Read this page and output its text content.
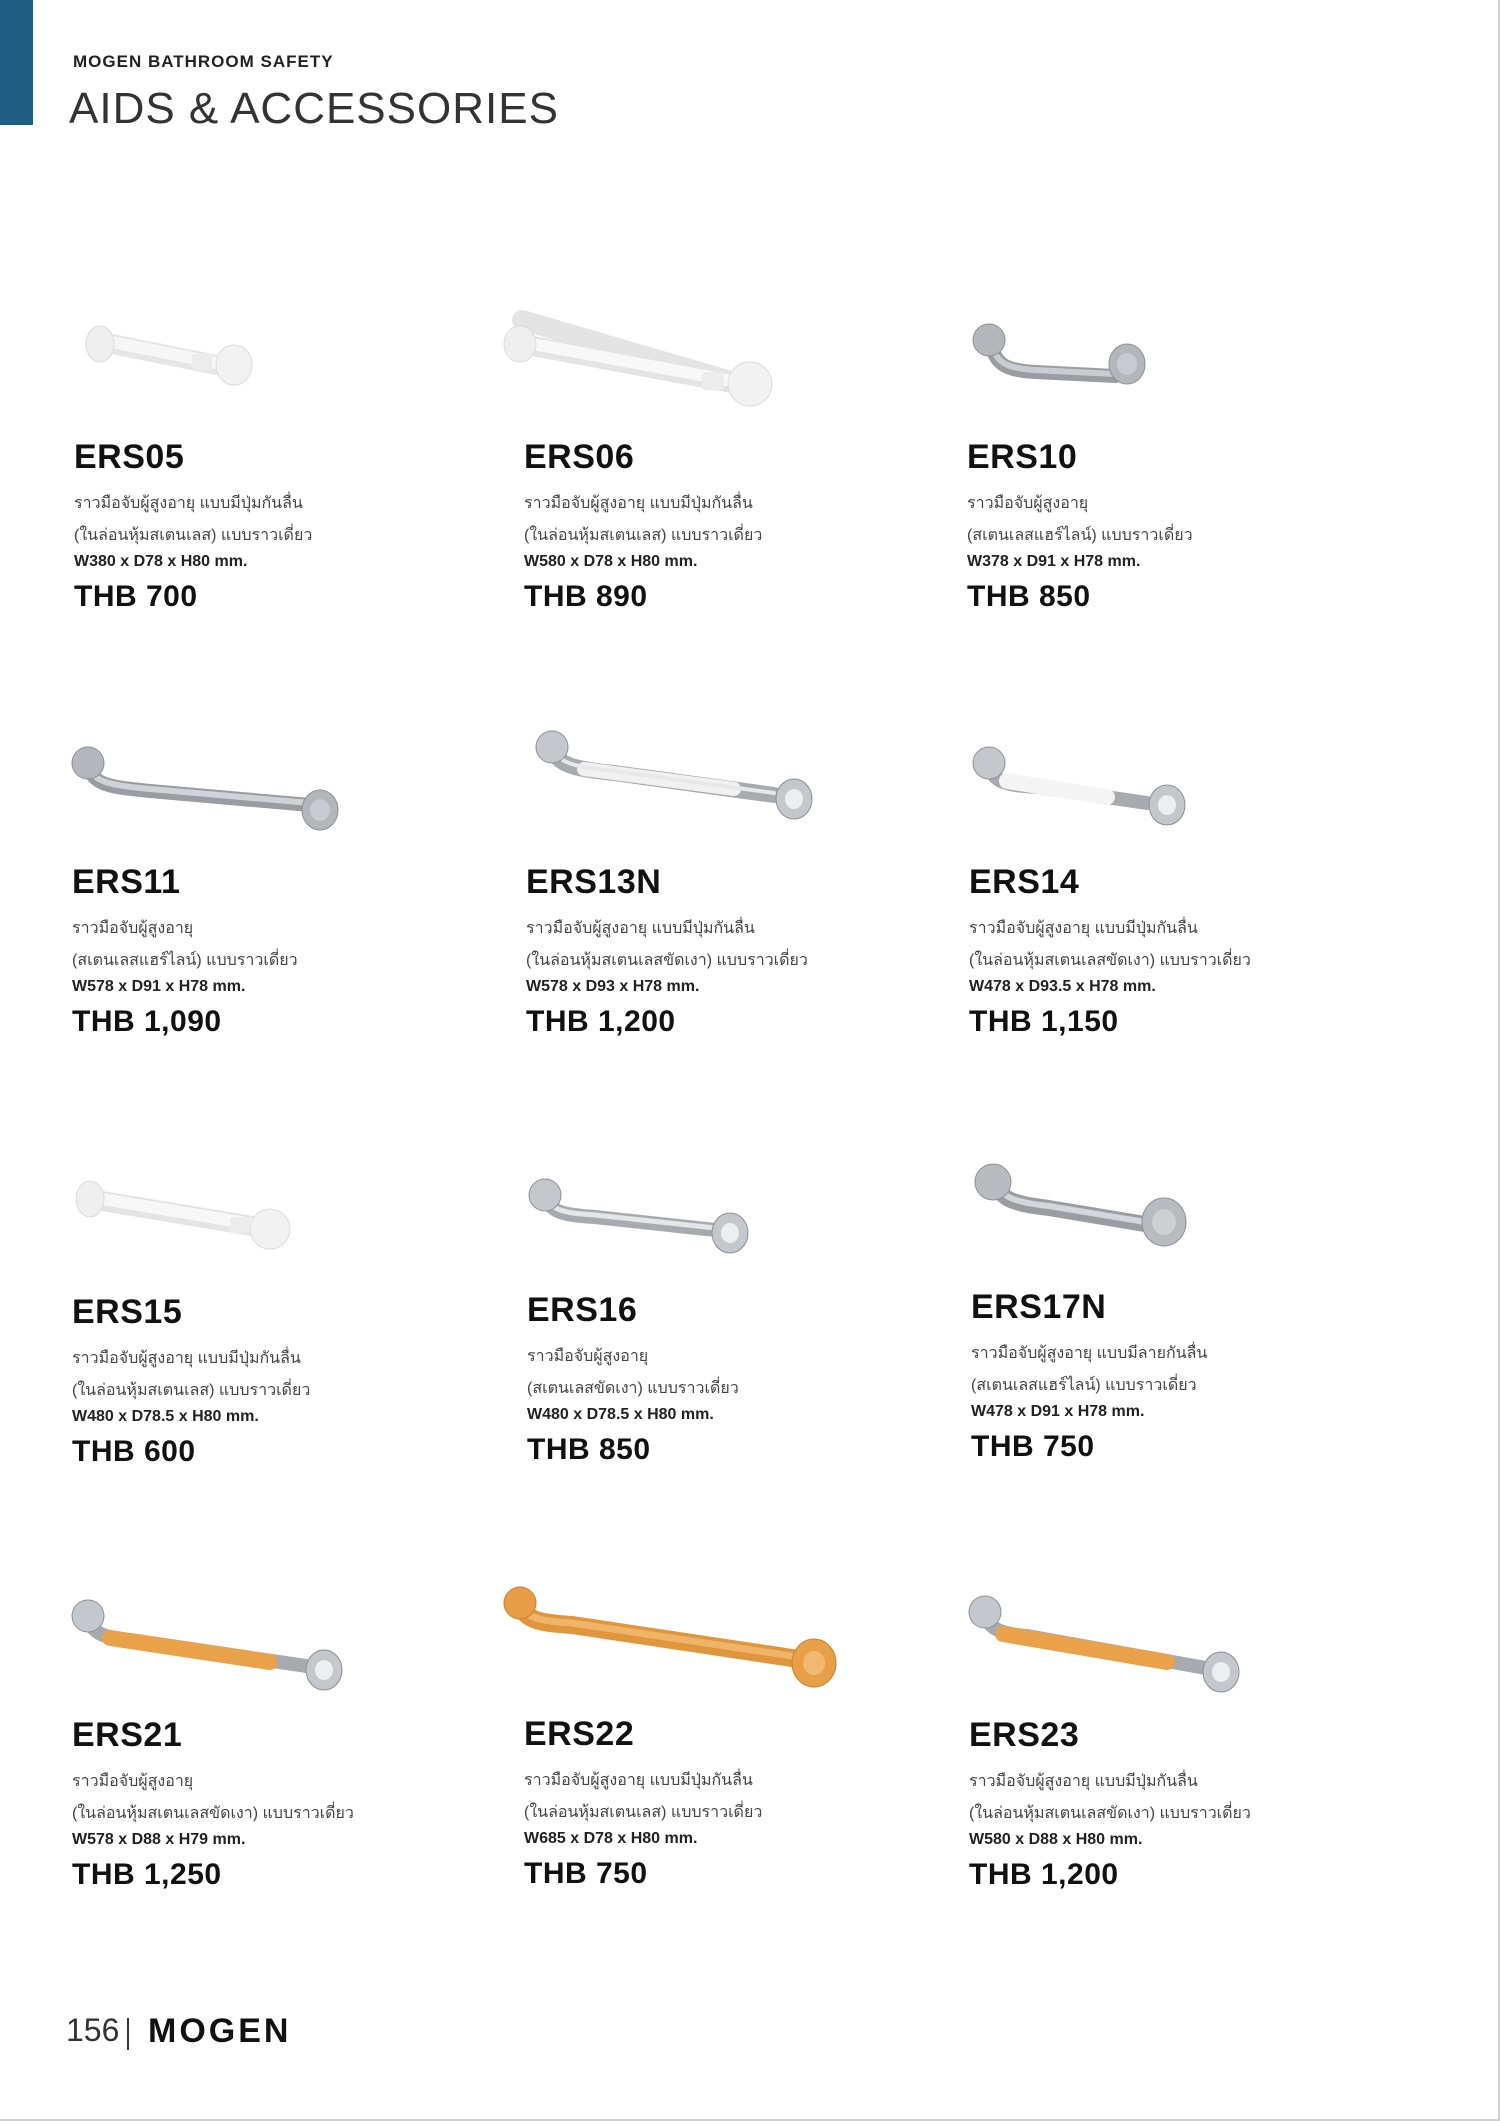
MOGEN BATHROOM SAFETY
AIDS & ACCESSORIES
ERS05
ราวมือจับผู้สูงอายุ แบบมีปุ่มกันลื่น
(ในล่อนหุ้มสเตนเลส) แบบราวเดี่ยว
W380 x D78 x H80 mm.
THB 700
ERS06
ราวมือจับผู้สูงอายุ แบบมีปุ่มกันลื่น
(ในล่อนหุ้มสเตนเลส) แบบราวเดี่ยว
W580 x D78 x H80 mm.
THB 890
ERS10
ราวมือจับผู้สูงอายุ
(สเตนเลสแฮร์ไลน์) แบบราวเดี่ยว
W378 x D91 x H78 mm.
THB 850
ERS11
ราวมือจับผู้สูงอายุ
(สเตนเลสแฮร์ไลน์) แบบราวเดี่ยว
W578 x D91 x H78 mm.
THB 1,090
ERS13N
ราวมือจับผู้สูงอายุ แบบมีปุ่มกันลื่น
(ในล่อนหุ้มสเตนเลสขัดเงา) แบบราวเดี่ยว
W578 x D93 x H78 mm.
THB 1,200
ERS14
ราวมือจับผู้สูงอายุ แบบมีปุ่มกันลื่น
(ในล่อนหุ้มสเตนเลสขัดเงา) แบบราวเดี่ยว
W478 x D93.5 x H78 mm.
THB 1,150
ERS15
ราวมือจับผู้สูงอายุ แบบมีปุ่มกันลื่น
(ในล่อนหุ้มสเตนเลส) แบบราวเดี่ยว
W480 x D78.5 x H80 mm.
THB 600
ERS16
ราวมือจับผู้สูงอายุ
(สเตนเลสขัดเงา) แบบราวเดี่ยว
W480 x D78.5 x H80 mm.
THB 850
ERS17N
ราวมือจับผู้สูงอายุ แบบมีลายกันลื่น
(สเตนเลสแฮร์ไลน์) แบบราวเดี่ยว
W478 x D91 x H78 mm.
THB 750
ERS21
ราวมือจับผู้สูงอายุ
(ในล่อนหุ้มสเตนเลสขัดเงา) แบบราวเดี่ยว
W578 x D88 x H79 mm.
THB 1,250
ERS22
ราวมือจับผู้สูงอายุ แบบมีปุ่มกันลื่น
(ในล่อนหุ้มสเตนเลส) แบบราวเดี่ยว
W685 x D78 x H80 mm.
THB 750
ERS23
ราวมือจับผู้สูงอายุ แบบมีปุ่มกันลื่น
(ในล่อนหุ้มสเตนเลสขัดเงา) แบบราวเดี่ยว
W580 x D88 x H80 mm.
THB 1,200
156 MOGEN
